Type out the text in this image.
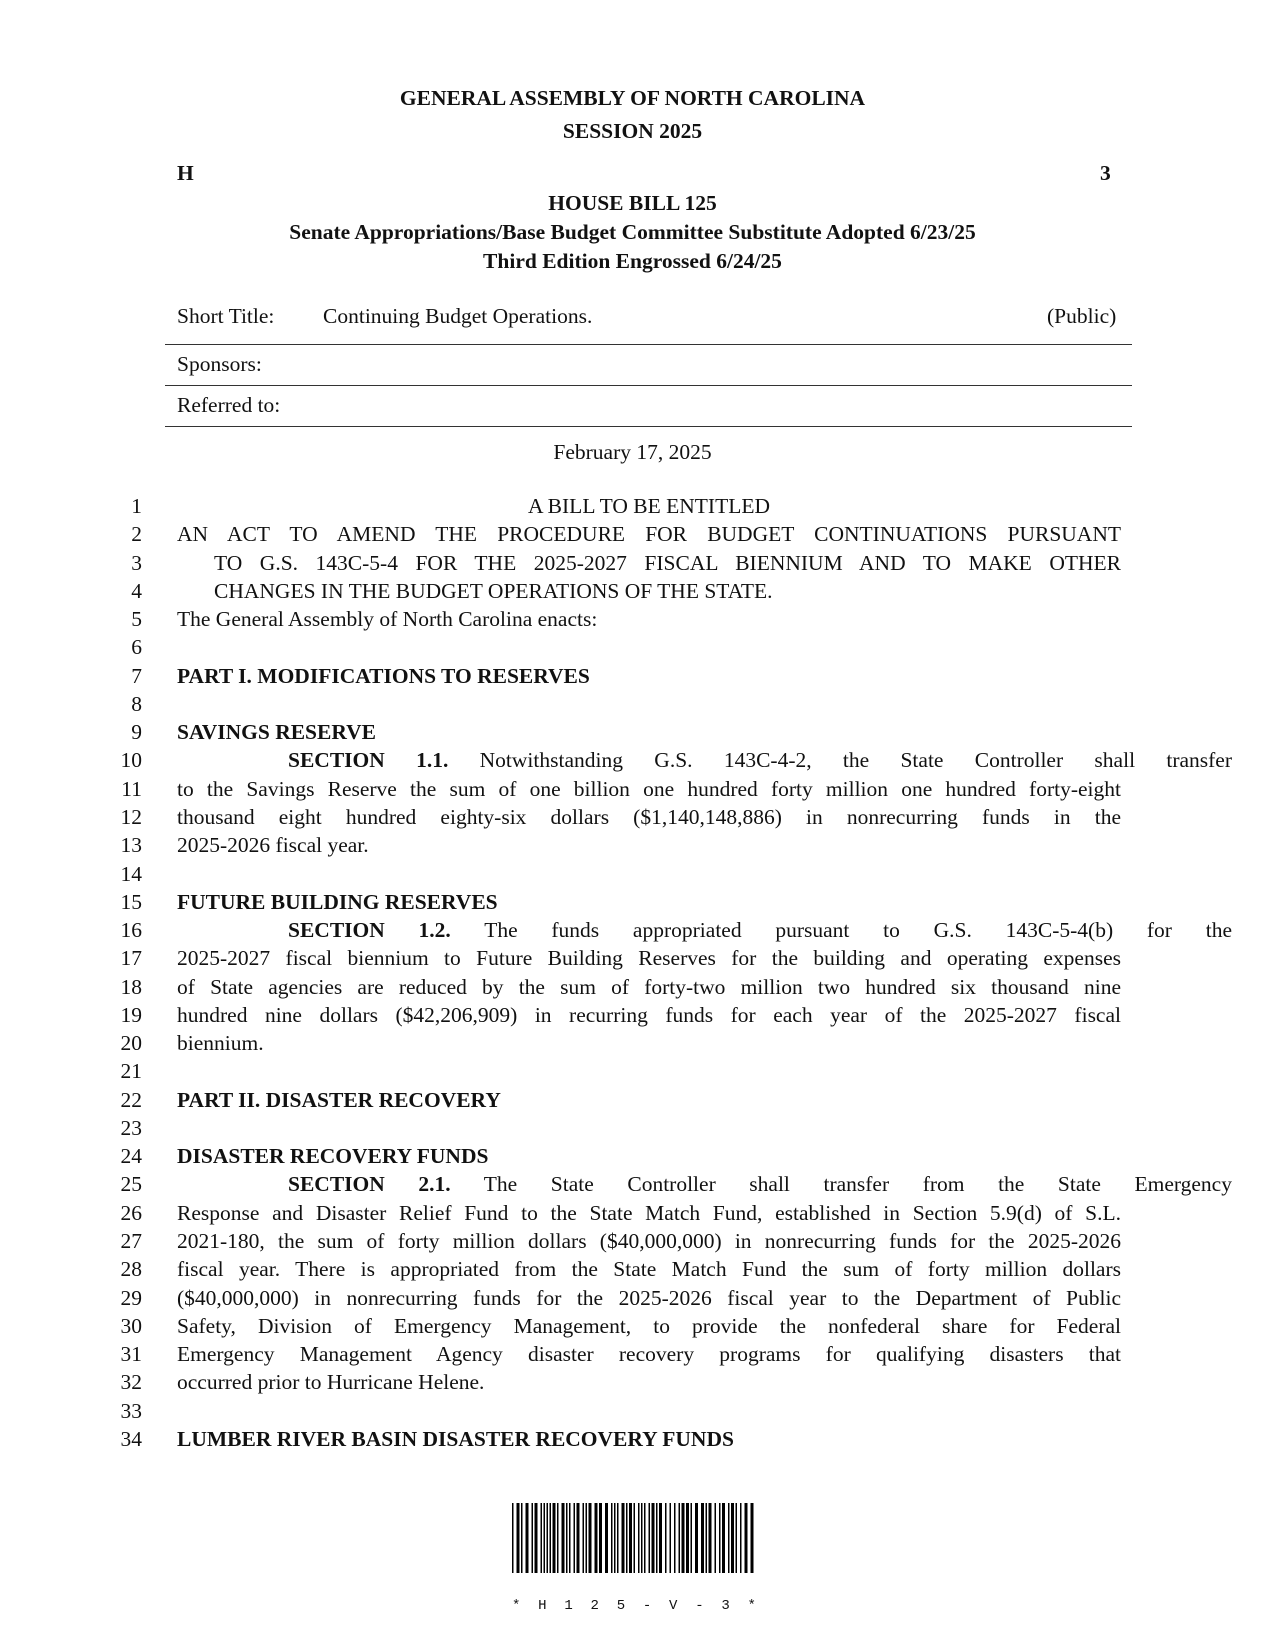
GENERAL ASSEMBLY OF NORTH CAROLINA
SESSION 2025
H	3
HOUSE BILL 125
Senate Appropriations/Base Budget Committee Substitute Adopted 6/23/25
Third Edition Engrossed 6/24/25
Short Title: Continuing Budget Operations.	(Public)
Sponsors:
Referred to:
February 17, 2025
1	A BILL TO BE ENTITLED
2 AN ACT TO AMEND THE PROCEDURE FOR BUDGET CONTINUATIONS PURSUANT
3	TO G.S. 143C-5-4 FOR THE 2025-2027 FISCAL BIENNIUM AND TO MAKE OTHER
4	CHANGES IN THE BUDGET OPERATIONS OF THE STATE.
5 The General Assembly of North Carolina enacts:
6
7 PART I. MODIFICATIONS TO RESERVES
8
9 SAVINGS RESERVE
10	SECTION 1.1. Notwithstanding G.S. 143C-4-2, the State Controller shall transfer
11 to the Savings Reserve the sum of one billion one hundred forty million one hundred forty-eight
12 thousand eight hundred eighty-six dollars ($1,140,148,886) in nonrecurring funds in the
13 2025-2026 fiscal year.
14
15 FUTURE BUILDING RESERVES
16	SECTION 1.2. The funds appropriated pursuant to G.S. 143C-5-4(b) for the
17 2025-2027 fiscal biennium to Future Building Reserves for the building and operating expenses
18 of State agencies are reduced by the sum of forty-two million two hundred six thousand nine
19 hundred nine dollars ($42,206,909) in recurring funds for each year of the 2025-2027 fiscal
20 biennium.
21
22 PART II. DISASTER RECOVERY
23
24 DISASTER RECOVERY FUNDS
25	SECTION 2.1. The State Controller shall transfer from the State Emergency
26 Response and Disaster Relief Fund to the State Match Fund, established in Section 5.9(d) of S.L.
27 2021-180, the sum of forty million dollars ($40,000,000) in nonrecurring funds for the 2025-2026
28 fiscal year. There is appropriated from the State Match Fund the sum of forty million dollars
29 ($40,000,000) in nonrecurring funds for the 2025-2026 fiscal year to the Department of Public
30 Safety, Division of Emergency Management, to provide the nonfederal share for Federal
31 Emergency Management Agency disaster recovery programs for qualifying disasters that
32 occurred prior to Hurricane Helene.
33
34 LUMBER RIVER BASIN DISASTER RECOVERY FUNDS
* H 1 2 5 - V - 3 *
